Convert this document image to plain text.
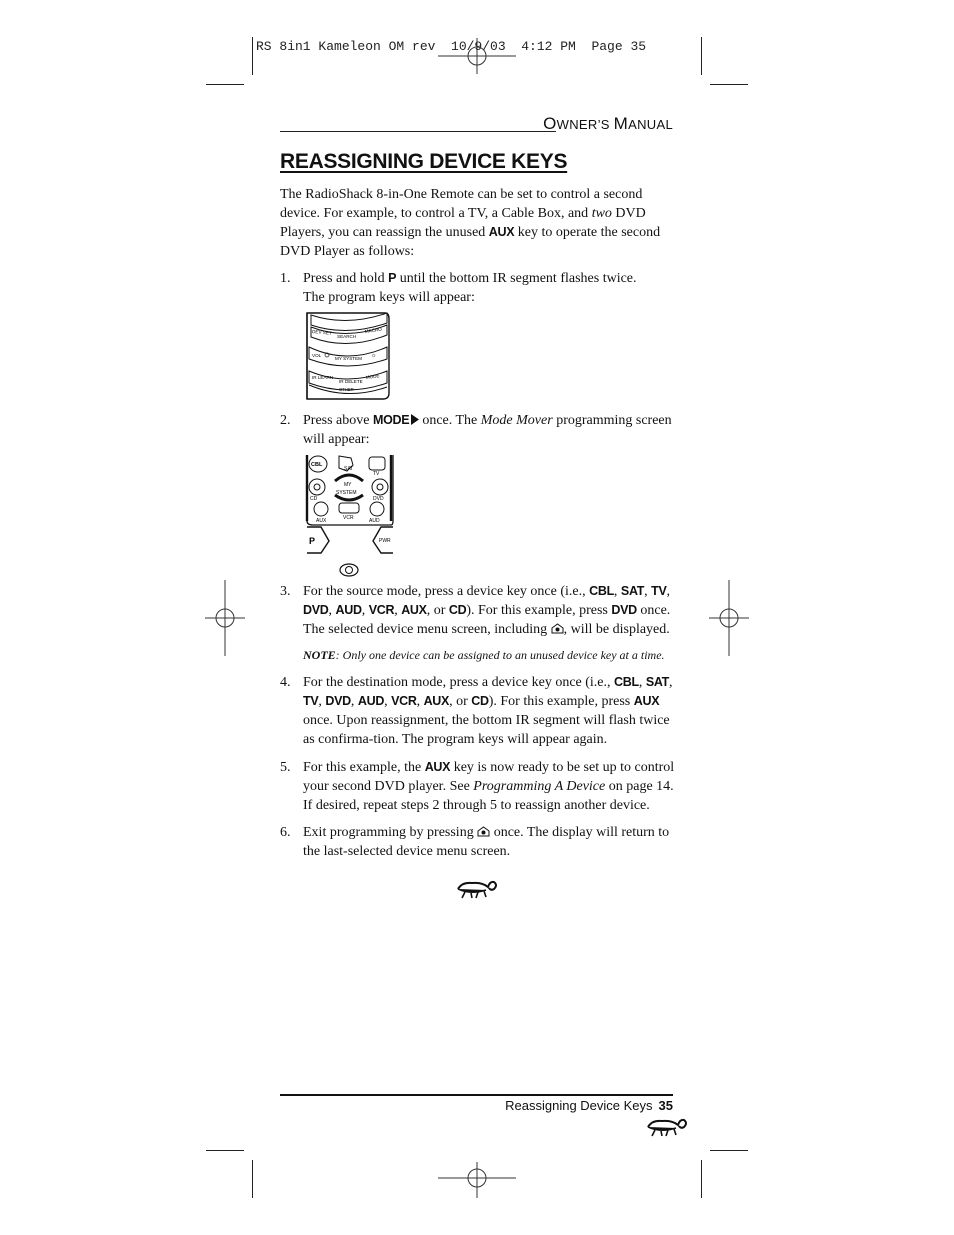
RS 8in1 Kameleon OM rev  10/9/03  4:12 PM  Page 35
OWNER’S MANUAL
REASSIGNING DEVICE KEYS
The RadioShack 8-in-One Remote can be set to control a second device. For example, to control a TV, a Cable Box, and two DVD Players, you can reassign the unused AUX key to operate the second DVD Player as follows:
1. Press and hold P until the bottom IR segment flashes twice.
The program keys will appear:
DEV SET
SEARCH
MACRO
VOL
MY SYSTEM ☼
IR LEARN
IR DELETE
MODE
OTHER
2. Press above MODE  once. The Mode Mover programming screen will appear:
CBL
SAT
TV
CD
MY
SYSTEM
DVD
AUX	VCR	AUD
P	PWR
3. For the source mode, press a device key once (i.e., CBL, SAT, TV, DVD, AUD, VCR, AUX, or CD). For this example, press DVD once. The selected device menu screen, including , will be displayed.
NOTE: Only one device can be assigned to an unused device key at a time.
4. For the destination mode, press a device key once (i.e., CBL, SAT, TV, DVD, AUD, VCR, AUX, or CD). For this example, press AUX once. Upon reassignment, the bottom IR segment will flash twice as confirma-tion. The program keys will appear again.
5. For this example, the AUX key is now ready to be set up to control your second DVD player. See Programming A Device on page 14.
If desired, repeat steps 2 through 5 to reassign another device.
6. Exit programming by pressing  once. The display will return to the last-selected device menu screen.
Reassigning Device Keys 35
